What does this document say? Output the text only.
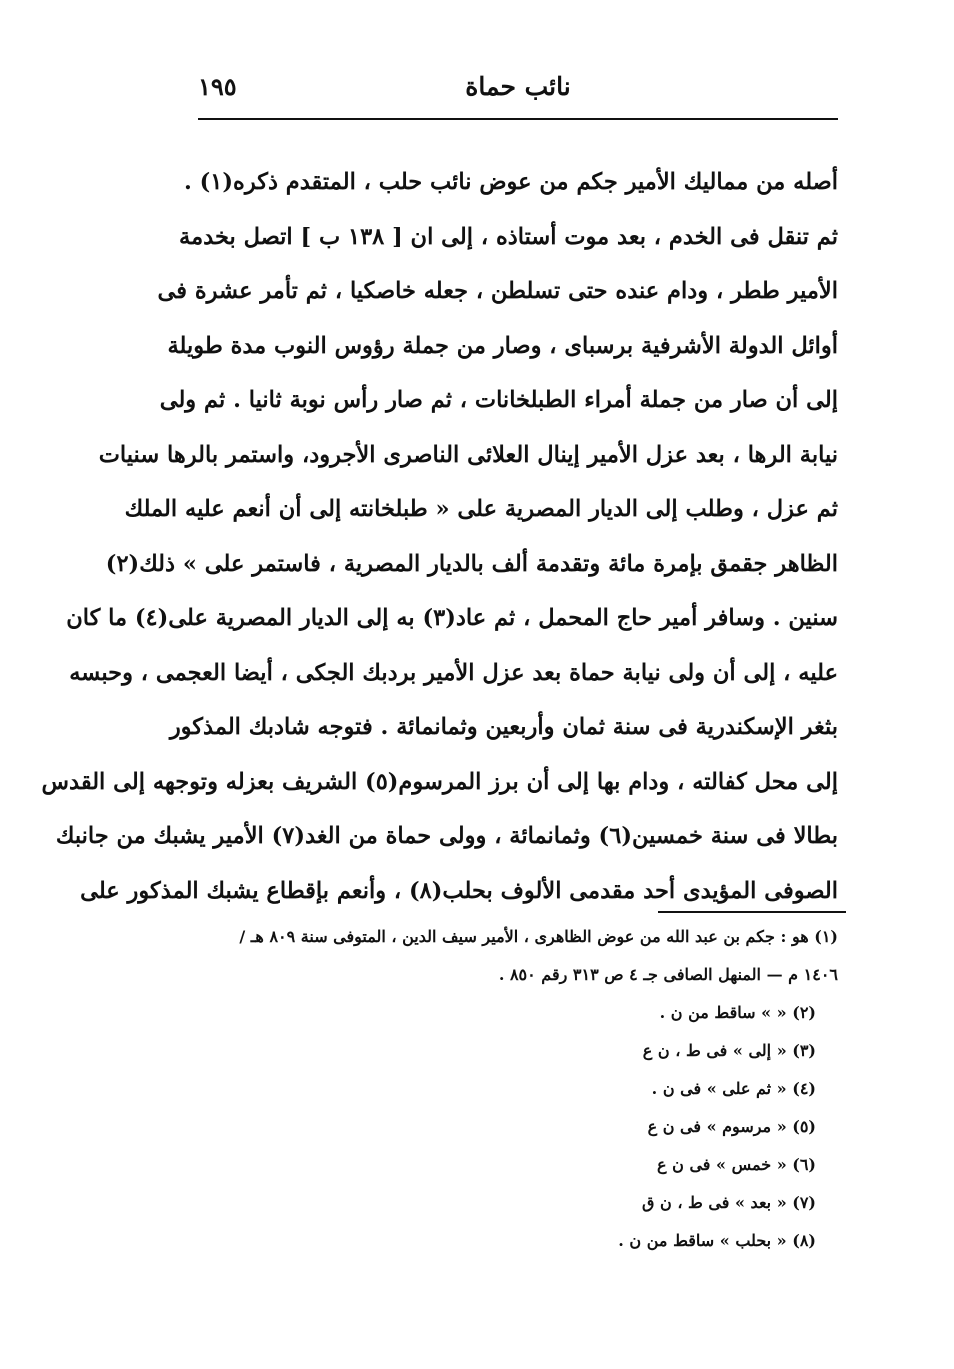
نائب حماة
١٩٥
أصله من مماليك الأمير جكم من عوض نائب حلب ، المتقدم ذكره(١) .
ثم تنقل فى الخدم ، بعد موت أستاذه ، إلى ان [ ١٣٨ ب ] اتصل بخدمة
الأمير ططر ، ودام عنده حتى تسلطن ، جعله خاصكيا ، ثم تأمر عشرة فى
أوائل الدولة الأشرفية برسباى ، وصار من جملة رؤوس النوب مدة طويلة
إلى أن صار من جملة أمراء الطبلخانات ، ثم صار رأس نوبة ثانيا . ثم ولى
نيابة الرها ، بعد عزل الأمير إينال العلائى الناصرى الأجرود، واستمر بالرها سنيات
ثم عزل ، وطلب إلى الديار المصرية على « طبلخانته إلى أن أنعم عليه الملك
الظاهر جقمق بإمرة مائة وتقدمة ألف بالديار المصرية ، فاستمر على » ذلك(٢)
سنين . وسافر أمير حاج المحمل ، ثم عاد(٣) به إلى الديار المصرية على(٤) ما كان
عليه ، إلى أن ولى نيابة حماة بعد عزل الأمير بردبك الجكى ، أيضا العجمى ، وحبسه
بثغر الإسكندرية فى سنة ثمان وأربعين وثمانمائة . فتوجه شادبك المذكور
إلى محل كفالته ، ودام بها إلى أن برز المرسوم(٥) الشريف بعزله وتوجهه إلى القدس
بطالا فى سنة خمسين(٦) وثمانمائة ، وولى حماة من الغد(٧) الأمير يشبك من جانبك
الصوفى المؤيدى أحد مقدمى الألوف بحلب(٨) ، وأنعم بإقطاع يشبك المذكور على
(١) هو : جكم بن عبد الله من عوض الظاهرى ، الأمير سيف الدين ، المتوفى سنة ٨٠٩ هـ /
١٤٠٦ م — المنهل الصافى جـ ٤ ص ٣١٣ رقم ٨٥٠ .
(٢) « » ساقط من ن .
(٣) « إلى » فى ط ، ن ع
(٤) « ثم على » فى ن .
(٥) « مرسوم » فى ن ع
(٦) « خمس » فى ن ع
(٧) « بعد » فى ط ، ن ق
(٨) « بحلب » ساقط من ن .
